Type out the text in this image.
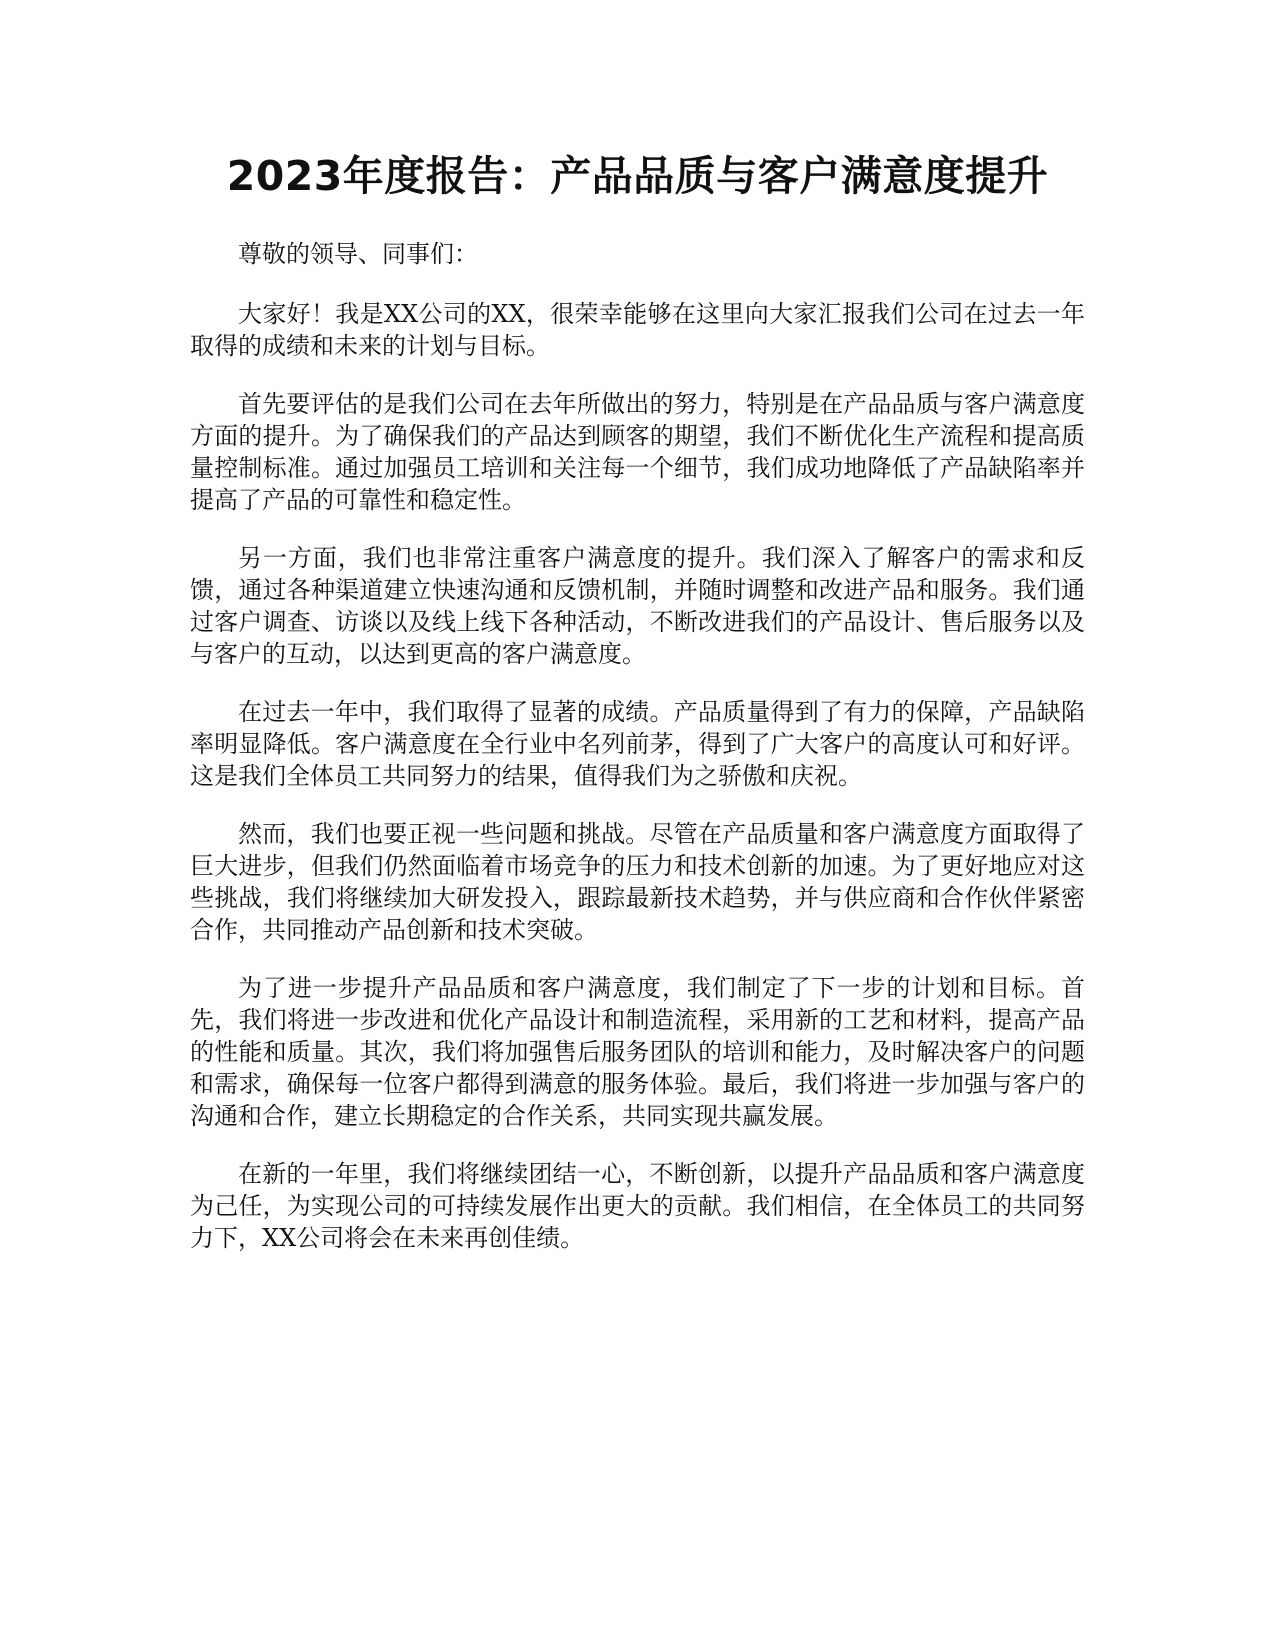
2023年度报告：产品品质与客户满意度提升

尊敬的领导、同事们：

大家好！我是XX公司的XX，很荣幸能够在这里向大家汇报我们公司在过去一年取得的成绩和未来的计划与目标。

首先要评估的是我们公司在去年所做出的努力，特别是在产品品质与客户满意度方面的提升。为了确保我们的产品达到顾客的期望，我们不断优化生产流程和提高质量控制标准。通过加强员工培训和关注每一个细节，我们成功地降低了产品缺陷率并提高了产品的可靠性和稳定性。

另一方面，我们也非常注重客户满意度的提升。我们深入了解客户的需求和反馈，通过各种渠道建立快速沟通和反馈机制，并随时调整和改进产品和服务。我们通过客户调查、访谈以及线上线下各种活动，不断改进我们的产品设计、售后服务以及与客户的互动，以达到更高的客户满意度。

在过去一年中，我们取得了显著的成绩。产品质量得到了有力的保障，产品缺陷率明显降低。客户满意度在全行业中名列前茅，得到了广大客户的高度认可和好评。这是我们全体员工共同努力的结果，值得我们为之骄傲和庆祝。

然而，我们也要正视一些问题和挑战。尽管在产品质量和客户满意度方面取得了巨大进步，但我们仍然面临着市场竞争的压力和技术创新的加速。为了更好地应对这些挑战，我们将继续加大研发投入，跟踪最新技术趋势，并与供应商和合作伙伴紧密合作，共同推动产品创新和技术突破。

为了进一步提升产品品质和客户满意度，我们制定了下一步的计划和目标。首先，我们将进一步改进和优化产品设计和制造流程，采用新的工艺和材料，提高产品的性能和质量。其次，我们将加强售后服务团队的培训和能力，及时解决客户的问题和需求，确保每一位客户都得到满意的服务体验。最后，我们将进一步加强与客户的沟通和合作，建立长期稳定的合作关系，共同实现共赢发展。

在新的一年里，我们将继续团结一心，不断创新，以提升产品品质和客户满意度为己任，为实现公司的可持续发展作出更大的贡献。我们相信，在全体员工的共同努力下，XX公司将会在未来再创佳绩。
